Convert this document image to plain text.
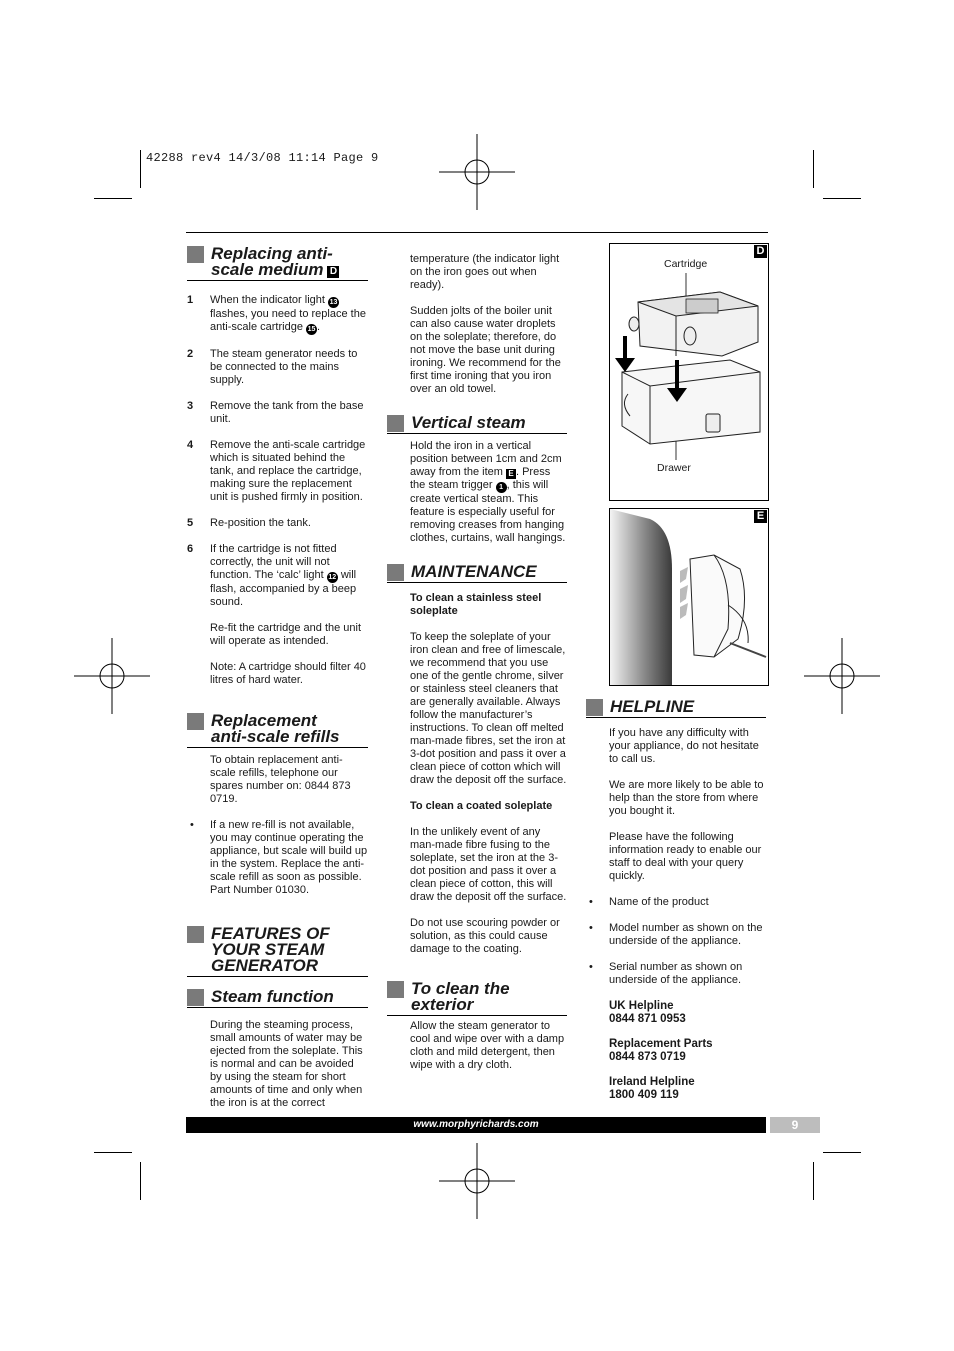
42288 rev4 14/3/08 11:14 Page 9
Replacing anti-
scale medium D
1 When the indicator light 13 flashes, you need to replace the anti-scale cartridge 15 .
2 The steam generator needs to be connected to the mains supply.
3 Remove the tank from the base unit.
4 Remove the anti-scale cartridge which is situated behind the tank, and replace the cartridge, making sure the replacement unit is pushed firmly in position.
5 Re-position the tank.
6 If the cartridge is not fitted correctly, the unit will not function. The ‘calc’ light 12 will flash, accompanied by a beep sound.

Re-fit the cartridge and the unit will operate as intended.

Note: A cartridge should filter 40 litres of hard water.

Replacement
anti-scale refills

To obtain replacement anti-scale refills, telephone our spares number on: 0844 873 0719.

• If a new re-fill is not available, you may continue operating the appliance, but scale will build up in the system. Replace the anti-scale refill as soon as possible.

Part Number 01030.

FEATURES OF
YOUR STEAM
GENERATOR
Steam function

During the steaming process, small amounts of water may be ejected from the soleplate. This is normal and can be avoided by using the steam for short amounts of time and only when the iron is at the correct

temperature (the indicator light on the iron goes out when ready).

Sudden jolts of the boiler unit can also cause water droplets on the soleplate; therefore, do not move the base unit during ironing. We recommend for the first time ironing that you iron over an old towel.

Vertical steam

Hold the iron in a vertical position between 1cm and 2cm away from the item E . Press the steam trigger 1 , this will create vertical steam. This feature is especially useful for removing creases from hanging clothes, curtains, wall hangings.

MAINTENANCE

To clean a stainless steel soleplate

To keep the soleplate of your iron clean and free of limescale, we recommend that you use one of the gentle chrome, silver or stainless steel cleaners that are generally available. Always follow the manufacturer’s instructions. To clean off melted man-made fibres, set the iron at 3-dot position and pass it over a clean piece of cotton which will draw the deposit off the surface.

To clean a coated soleplate

In the unlikely event of any man-made fibre fusing to the soleplate, set the iron at the 3- dot position and pass it over a clean piece of cotton, this will draw the deposit off the surface.

Do not use scouring powder or solution, as this could cause damage to the coating.

To clean the
exterior

Allow the steam generator to cool and wipe over with a damp cloth and mild detergent, then wipe with a dry cloth.

D
Cartridge
Drawer
E
HELPLINE

If you have any difficulty with your appliance, do not hesitate to call us.

We are more likely to be able to help than the store from where you bought it.

Please have the following information ready to enable our staff to deal with your query quickly.

• Name of the product
• Model number as shown on the underside of the appliance.
• Serial number as shown on underside of the appliance.
UK Helpline
0844 871 0953
Replacement Parts
0844 873 0719
Ireland Helpline
1800 409 119
www.morphyrichards.com	9
